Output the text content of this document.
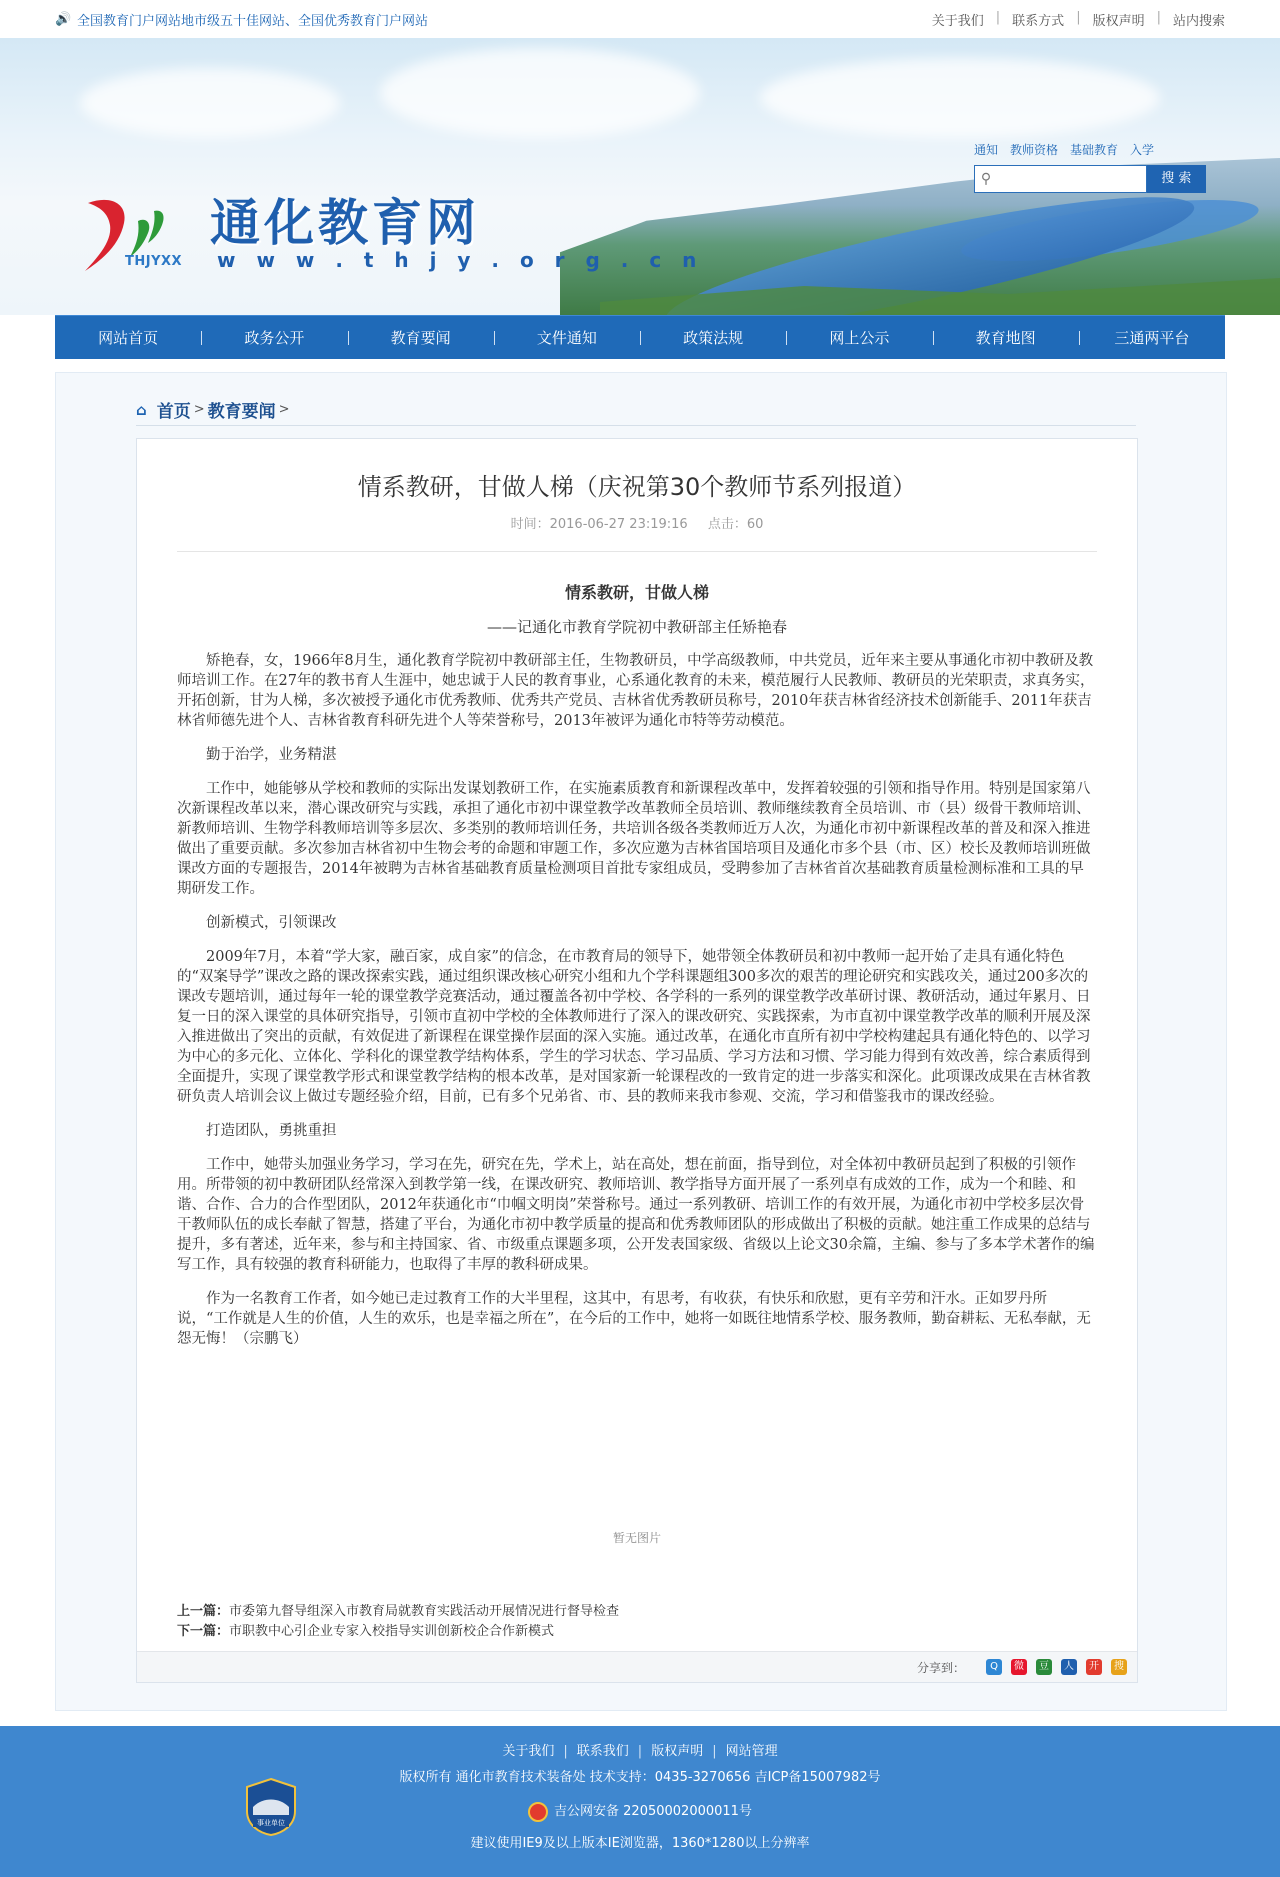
🔊 全国教育门户网站地市级五十佳网站、全国优秀教育门户网站	关于我们 | 联系方式 | 版权声明 | 站内搜索
THJYXX
通化教育网
w w w . t h j y . o r g . c n
通知 教师资格 基础教育 入学
⚲	搜 索
网站首页	政务公开	教育要闻	文件通知	政策法规	网上公示	教育地图	三通两平台
⌂ 首页 > 教育要闻 >
情系教研，甘做人梯（庆祝第30个教师节系列报道）
时间：2016-06-27 23:19:16 点击：60

情系教研，甘做人梯

——记通化市教育学院初中教研部主任矫艳春

矫艳春，女，1966年8月生，通化教育学院初中教研部主任，生物教研员，中学高级教师，中共党员，近年来主要从事通化市初中教研及教师培训工作。在27年的教书育人生涯中，她忠诚于人民的教育事业，心系通化教育的未来，模范履行人民教师、教研员的光荣职责，求真务实，开拓创新，甘为人梯，多次被授予通化市优秀教师、优秀共产党员、吉林省优秀教研员称号，2010年获吉林省经济技术创新能手、2011年获吉林省师德先进个人、吉林省教育科研先进个人等荣誉称号，2013年被评为通化市特等劳动模范。

勤于治学，业务精湛

工作中，她能够从学校和教师的实际出发谋划教研工作，在实施素质教育和新课程改革中，发挥着较强的引领和指导作用。特别是国家第八次新课程改革以来，潜心课改研究与实践，承担了通化市初中课堂教学改革教师全员培训、教师继续教育全员培训、市（县）级骨干教师培训、新教师培训、生物学科教师培训等多层次、多类别的教师培训任务，共培训各级各类教师近万人次，为通化市初中新课程改革的普及和深入推进做出了重要贡献。多次参加吉林省初中生物会考的命题和审题工作，多次应邀为吉林省国培项目及通化市多个县（市、区）校长及教师培训班做课改方面的专题报告，2014年被聘为吉林省基础教育质量检测项目首批专家组成员，受聘参加了吉林省首次基础教育质量检测标准和工具的早期研发工作。

创新模式，引领课改

2009年7月，本着“学大家，融百家，成自家”的信念，在市教育局的领导下，她带领全体教研员和初中教师一起开始了走具有通化特色的“双案导学”课改之路的课改探索实践，通过组织课改核心研究小组和九个学科课题组300多次的艰苦的理论研究和实践攻关，通过200多次的课改专题培训，通过每年一轮的课堂教学竞赛活动，通过覆盖各初中学校、各学科的一系列的课堂教学改革研讨课、教研活动，通过年累月、日复一日的深入课堂的具体研究指导，引领市直初中学校的全体教师进行了深入的课改研究、实践探索，为市直初中课堂教学改革的顺利开展及深入推进做出了突出的贡献，有效促进了新课程在课堂操作层面的深入实施。通过改革，在通化市直所有初中学校构建起具有通化特色的、以学习为中心的多元化、立体化、学科化的课堂教学结构体系，学生的学习状态、学习品质、学习方法和习惯、学习能力得到有效改善，综合素质得到全面提升，实现了课堂教学形式和课堂教学结构的根本改革，是对国家新一轮课程改的一致肯定的进一步落实和深化。此项课改成果在吉林省教研负责人培训会议上做过专题经验介绍，目前，已有多个兄弟省、市、县的教师来我市参观、交流，学习和借鉴我市的课改经验。

打造团队，勇挑重担

工作中，她带头加强业务学习，学习在先，研究在先，学术上，站在高处，想在前面，指导到位，对全体初中教研员起到了积极的引领作用。所带领的初中教研团队经常深入到教学第一线，在课改研究、教师培训、教学指导方面开展了一系列卓有成效的工作，成为一个和睦、和谐、合作、合力的合作型团队，2012年获通化市“巾帼文明岗”荣誉称号。通过一系列教研、培训工作的有效开展，为通化市初中学校多层次骨干教师队伍的成长奉献了智慧，搭建了平台，为通化市初中教学质量的提高和优秀教师团队的形成做出了积极的贡献。她注重工作成果的总结与提升，多有著述，近年来，参与和主持国家、省、市级重点课题多项，公开发表国家级、省级以上论文30余篇，主编、参与了多本学术著作的编写工作，具有较强的教育科研能力，也取得了丰厚的教科研成果。

作为一名教育工作者，如今她已走过教育工作的大半里程，这其中，有思考，有收获，有快乐和欣慰，更有辛劳和汗水。正如罗丹所说，“工作就是人生的价值，人生的欢乐，也是幸福之所在”，在今后的工作中，她将一如既往地情系学校、服务教师，勤奋耕耘、无私奉献，无怨无悔！（宗鹏飞）

暂无图片
上一篇：市委第九督导组深入市教育局就教育实践活动开展情况进行督导检查
下一篇：市职教中心引企业专家入校指导实训创新校企合作新模式
分享到：	Q	微	豆	人	开	搜
事业单位
关于我们 | 联系我们 | 版权声明 | 网站管理
版权所有 通化市教育技术装备处 技术支持：0435-3270656 吉ICP备15007982号
吉公网安备 22050002000011号
建议使用IE9及以上版本IE浏览器，1360*1280以上分辨率
